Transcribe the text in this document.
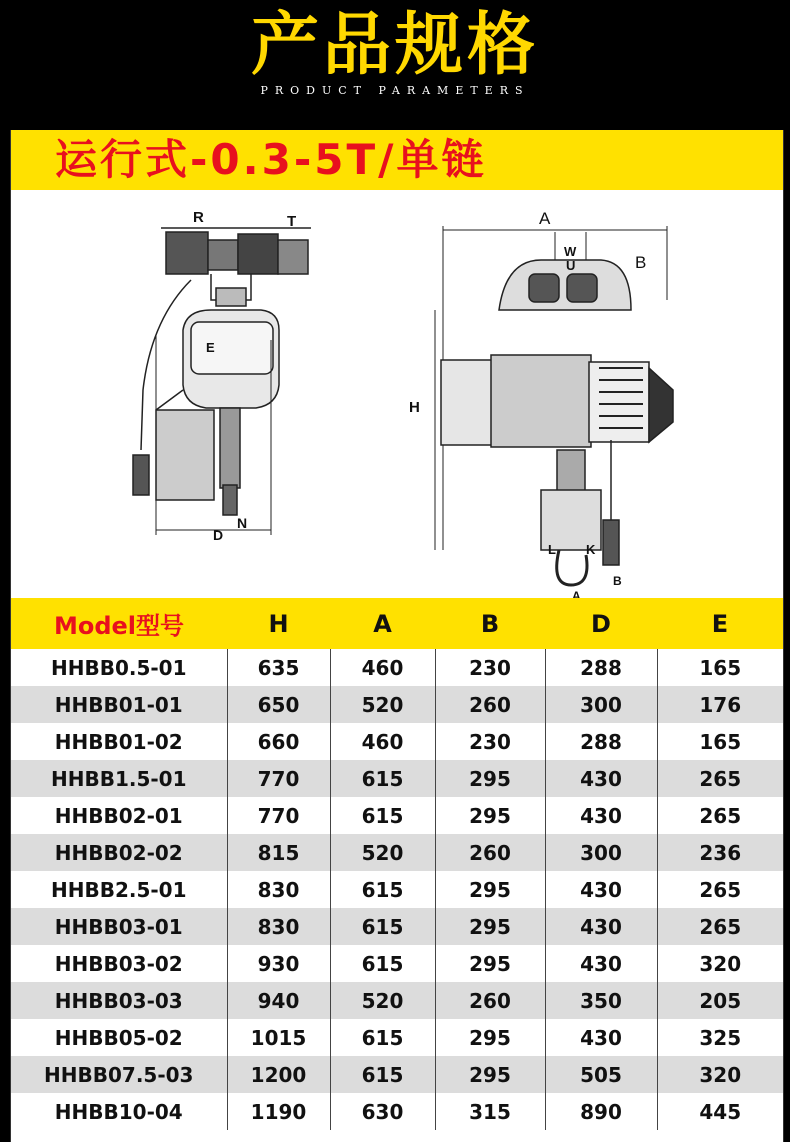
产品规格
PRODUCT PARAMETERS
运行式-0.3-5T/单链
R	T
E
D
N
A
W
U	B
H
L K
A
B
Model型号	H	A	B	D	E
HHBB0.5-01	635	460	230	288	165
HHBB01-01	650	520	260	300	176
HHBB01-02	660	460	230	288	165
HHBB1.5-01	770	615	295	430	265
HHBB02-01	770	615	295	430	265
HHBB02-02	815	520	260	300	236
HHBB2.5-01	830	615	295	430	265
HHBB03-01	830	615	295	430	265
HHBB03-02	930	615	295	430	320
HHBB03-03	940	520	260	350	205
HHBB05-02	1015	615	295	430	325
HHBB07.5-03	1200	615	295	505	320
HHBB10-04	1190	630	315	890	445
